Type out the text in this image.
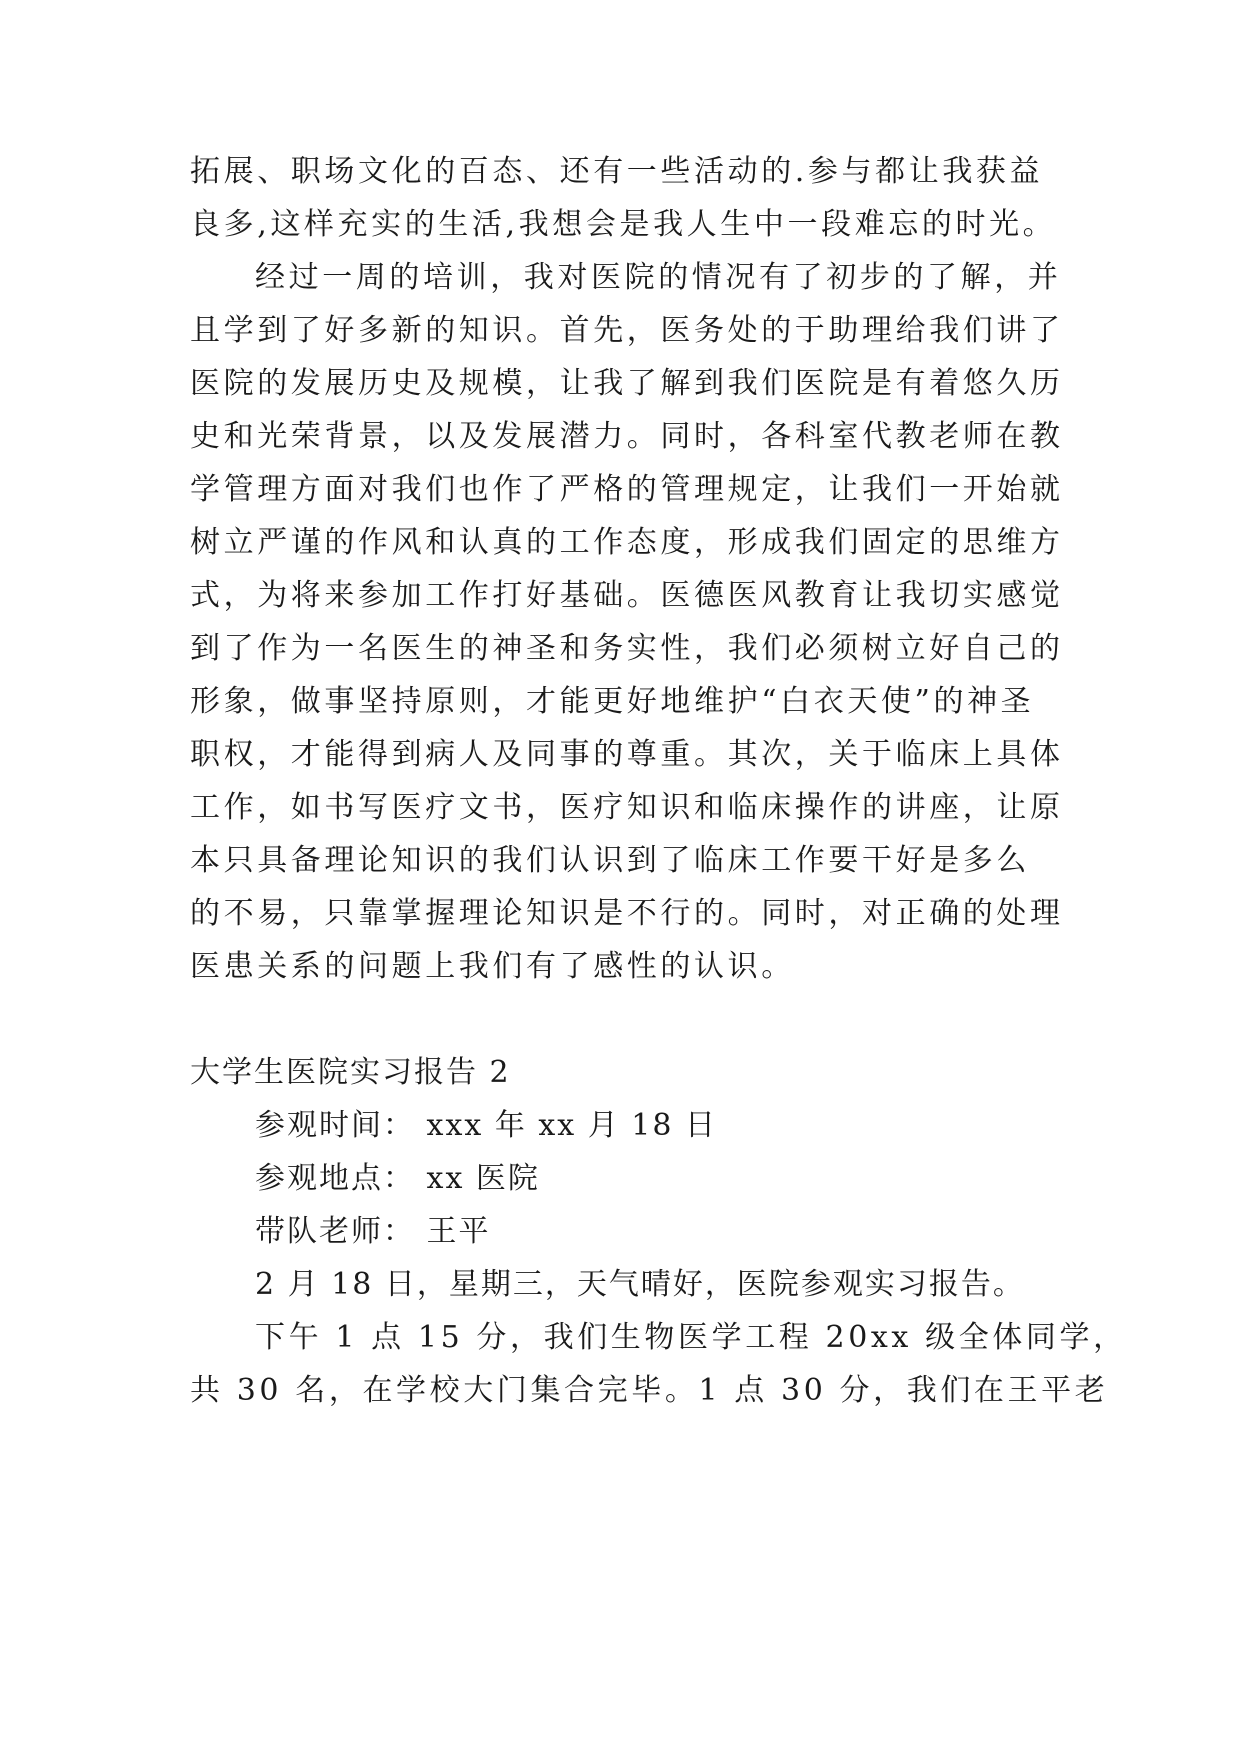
拓展、职场文化的百态、还有一些活动的.参与都让我获益
良多,这样充实的生活,我想会是我人生中一段难忘的时光。
经过一周的培训，我对医院的情况有了初步的了解，并
且学到了好多新的知识。首先，医务处的于助理给我们讲了
医院的发展历史及规模，让我了解到我们医院是有着悠久历
史和光荣背景，以及发展潜力。同时，各科室代教老师在教
学管理方面对我们也作了严格的管理规定，让我们一开始就
树立严谨的作风和认真的工作态度，形成我们固定的思维方
式，为将来参加工作打好基础。医德医风教育让我切实感觉
到了作为一名医生的神圣和务实性，我们必须树立好自己的
形象，做事坚持原则，才能更好地维护“白衣天使”的神圣
职权，才能得到病人及同事的尊重。其次，关于临床上具体
工作，如书写医疗文书，医疗知识和临床操作的讲座，让原
本只具备理论知识的我们认识到了临床工作要干好是多么
的不易，只靠掌握理论知识是不行的。同时，对正确的处理
医患关系的问题上我们有了感性的认识。
大学生医院实习报告 2
参观时间： xxx 年 xx 月 18 日
参观地点： xx 医院
带队老师： 王平
2 月 18 日，星期三，天气晴好，医院参观实习报告。
下午 1 点 15 分，我们生物医学工程 20xx 级全体同学，
共 30 名，在学校大门集合完毕。1 点 30 分，我们在王平老
